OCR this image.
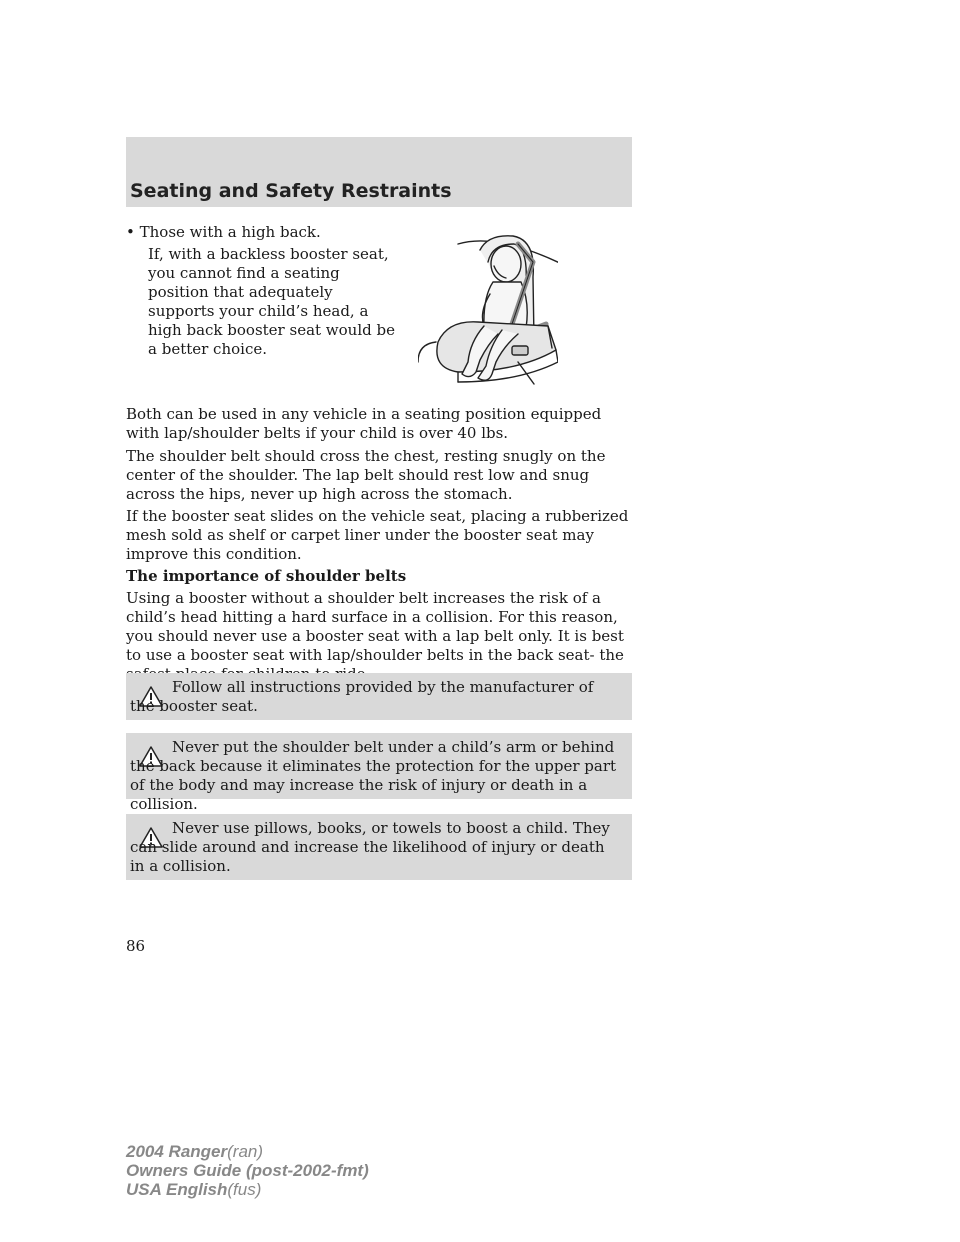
Seating and Safety Restraints
• Those with a high back.
If, with a backless booster seat, you cannot find a seating position that adequately supports your child’s head, a high back booster seat would be a better choice.
Both can be used in any vehicle in a seating position equipped with lap/shoulder belts if your child is over 40 lbs.
The shoulder belt should cross the chest, resting snugly on the center of the shoulder. The lap belt should rest low and snug across the hips, never up high across the stomach.
If the booster seat slides on the vehicle seat, placing a rubberized mesh sold as shelf or carpet liner under the booster seat may improve this condition.
The importance of shoulder belts
Using a booster without a shoulder belt increases the risk of a child’s head hitting a hard surface in a collision. For this reason, you should never use a booster seat with a lap belt only. It is best to use a booster seat with lap/shoulder belts in the back seat- the
Follow all instructions provided by the manufacturer of the booster seat.
Never put the shoulder belt under a child’s arm or behind the back because it eliminates the protection for the upper part of the body and may increase the risk of injury or death in a collision.
Never use pillows, books, or towels to boost a child. They can slide around and increase the likelihood of injury or death in a collision.
86
2004 Ranger(ran)
Owners Guide (post-2002-fmt)
USA English(fus)
